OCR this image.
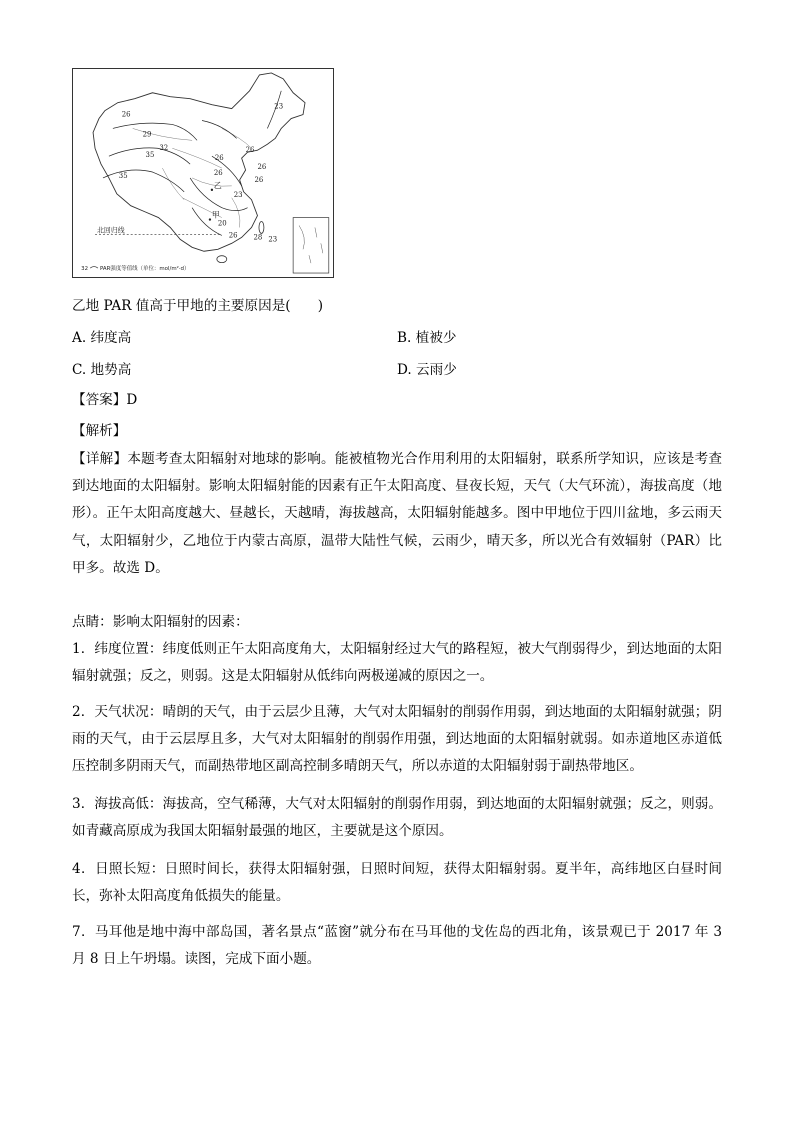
北回归线
26
29
32
35
35
26
23
26
26
26
23
26
20
26 28 23
甲
乙
32 PAR强度等值线（单位：mol/m²·d）
乙地 PAR 值高于甲地的主要原因是(　　)
A. 纬度高	B. 植被少
C. 地势高	D. 云雨少
【答案】D
【解析】
【详解】本题考查太阳辐射对地球的影响。能被植物光合作用利用的太阳辐射，联系所学知识，应该是考查到达地面的太阳辐射。影响太阳辐射能的因素有正午太阳高度、昼夜长短，天气（大气环流），海拔高度（地形）。正午太阳高度越大、昼越长，天越晴，海拔越高，太阳辐射能越多。图中甲地位于四川盆地，多云雨天气，太阳辐射少，乙地位于内蒙古高原，温带大陆性气候，云雨少，晴天多，所以光合有效辐射（PAR）比甲多。故选 D。
点睛：影响太阳辐射的因素：
1．纬度位置：纬度低则正午太阳高度角大，太阳辐射经过大气的路程短，被大气削弱得少，到达地面的太阳辐射就强；反之，则弱。这是太阳辐射从低纬向两极递减的原因之一。
2．天气状况：晴朗的天气，由于云层少且薄，大气对太阳辐射的削弱作用弱，到达地面的太阳辐射就强；阴雨的天气，由于云层厚且多，大气对太阳辐射的削弱作用强，到达地面的太阳辐射就弱。如赤道地区赤道低压控制多阴雨天气，而副热带地区副高控制多晴朗天气，所以赤道的太阳辐射弱于副热带地区。
3．海拔高低：海拔高，空气稀薄，大气对太阳辐射的削弱作用弱，到达地面的太阳辐射就强；反之，则弱。如青藏高原成为我国太阳辐射最强的地区，主要就是这个原因。
4．日照长短：日照时间长，获得太阳辐射强，日照时间短，获得太阳辐射弱。夏半年，高纬地区白昼时间长，弥补太阳高度角低损失的能量。
7．马耳他是地中海中部岛国，著名景点“蓝窗”就分布在马耳他的戈佐岛的西北角，该景观已于 2017 年 3 月 8 日上午坍塌。读图，完成下面小题。
